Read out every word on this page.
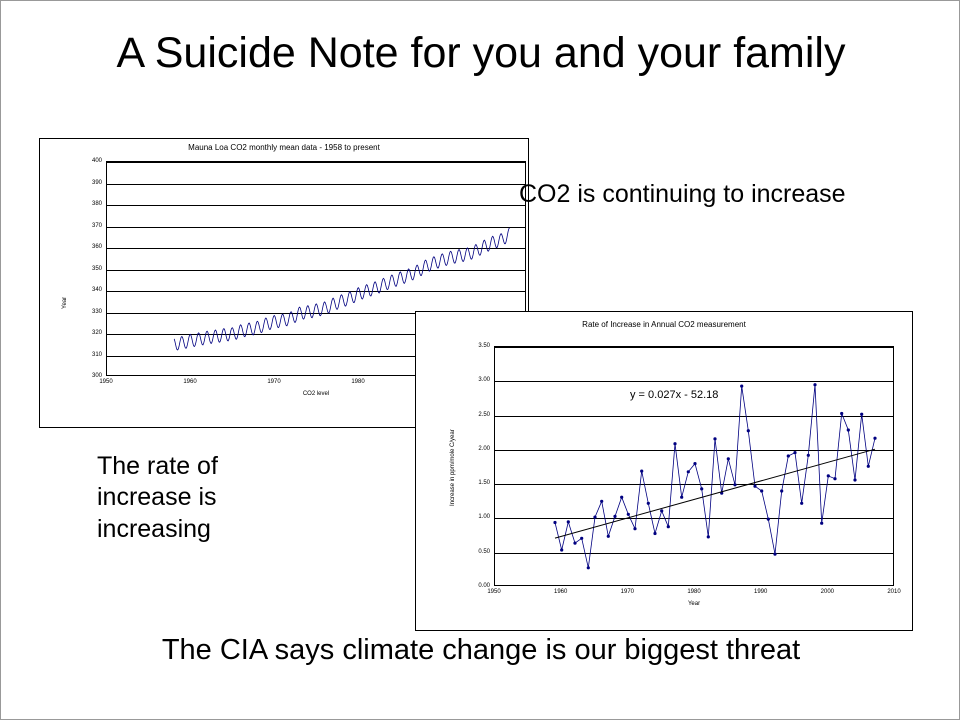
A Suicide Note for you and your family
Mauna Loa CO2 monthly mean data - 1958 to present
300
310
320
330
340
350
360
370
380
390
400
1950	1960	1970	1980
CO2 level
Year
Rate of Increase in Annual CO2 measurement
0.00
0.50
1.00
1.50
2.00
2.50
3.00
3.50
1950	1960	1970	1980	1990	2000	2010
Year
Increase in ppm/mole C/year
y = 0.027x - 52.18
CO2 is continuing to increase
The rate of increase is increasing
The CIA says climate change is our biggest threat
